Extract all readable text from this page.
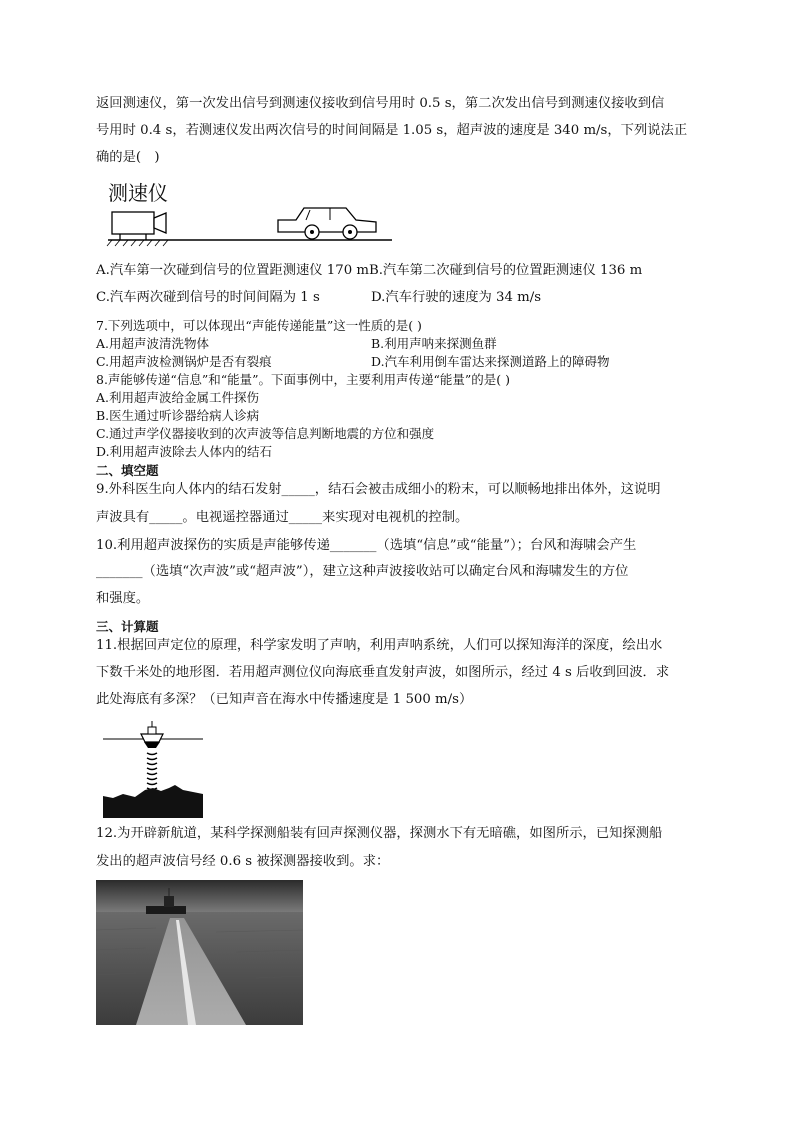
返回测速仪，第一次发出信号到测速仪接收到信号用时 0.5 s，第二次发出信号到测速仪接收到信
号用时 0.4 s，若测速仪发出两次信号的时间间隔是 1.05 s，超声波的速度是 340 m/s，下列说法正
确的是(　)
测速仪
A.汽车第一次碰到信号的位置距测速仪 170 mB.汽车第二次碰到信号的位置距测速仪 136 m
C.汽车两次碰到信号的时间间隔为 1 s	D.汽车行驶的速度为 34 m/s
7.下列选项中，可以体现出“声能传递能量”这一性质的是( )
A.用超声波清洗物体	B.利用声呐来探测鱼群
C.用超声波检测锅炉是否有裂痕	D.汽车利用倒车雷达来探测道路上的障碍物
8.声能够传递“信息”和“能量”。下面事例中，主要利用声传递“能量”的是( )
A.利用超声波给金属工件探伤
B.医生通过听诊器给病人诊病
C.通过声学仪器接收到的次声波等信息判断地震的方位和强度
D.利用超声波除去人体内的结石
二、填空题
9.外科医生向人体内的结石发射_____，结石会被击成细小的粉末，可以顺畅地排出体外，这说明
声波具有_____。电视遥控器通过_____来实现对电视机的控制。
10.利用超声波探伤的实质是声能够传递_______（选填“信息”或“能量”）；台风和海啸会产生
_______（选填“次声波”或“超声波”），建立这种声波接收站可以确定台风和海啸发生的方位
和强度。
三、计算题
11.根据回声定位的原理，科学家发明了声呐，利用声呐系统，人们可以探知海洋的深度，绘出水
下数千米处的地形图．若用超声测位仪向海底垂直发射声波，如图所示，经过 4 s 后收到回波．求
此处海底有多深？（已知声音在海水中传播速度是 1 500 m/s）
12.为开辟新航道，某科学探测船装有回声探测仪器，探测水下有无暗礁，如图所示，已知探测船
发出的超声波信号经 0.6 s 被探测器接收到。求：
